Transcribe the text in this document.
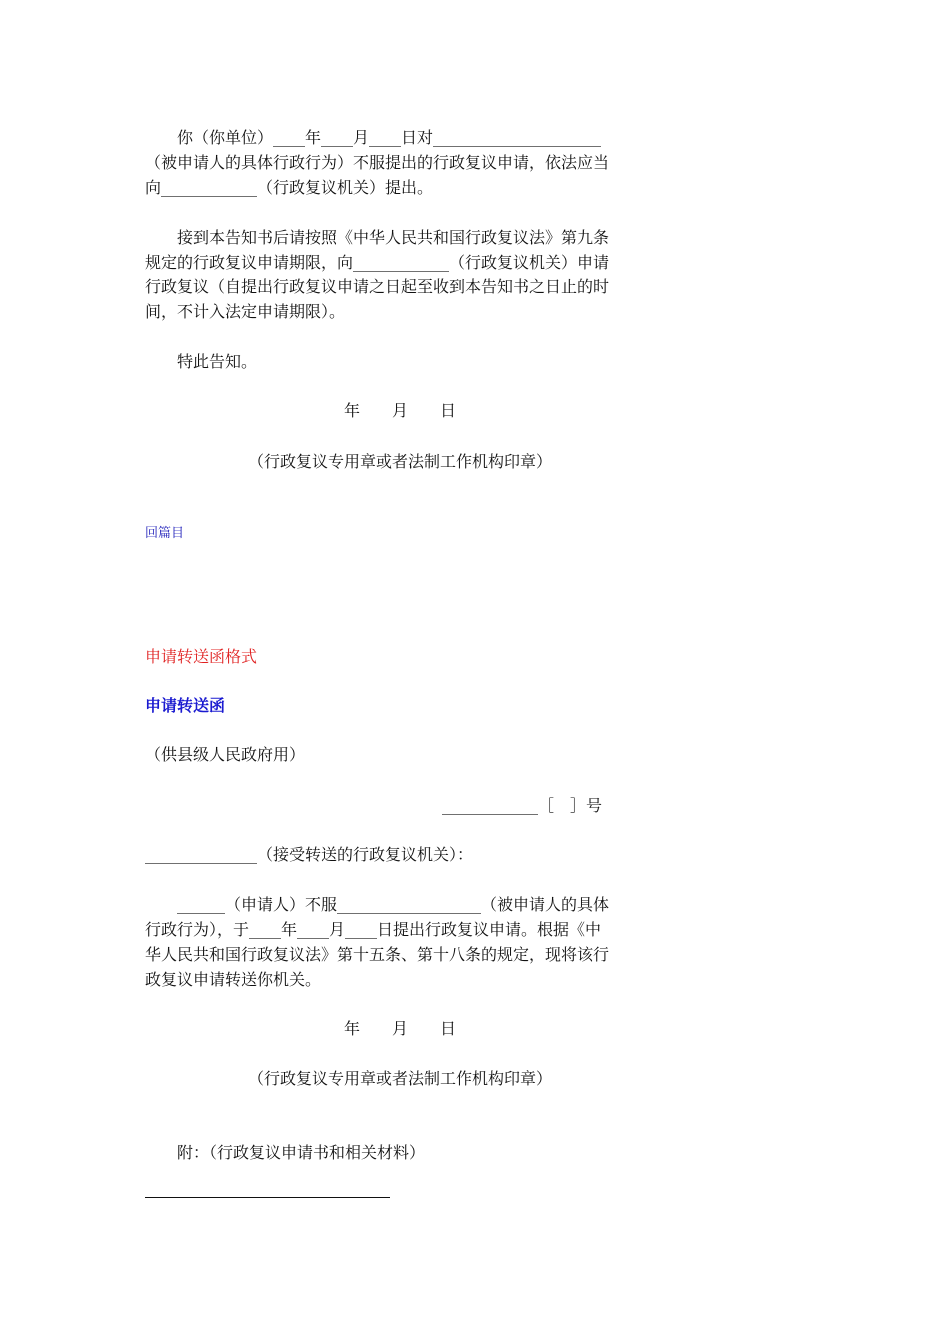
　　你（你单位）____年____月____日对_____________________
（被申请人的具体行政行为）不服提出的行政复议申请，依法应当
向____________（行政复议机关）提出。
　　接到本告知书后请按照《中华人民共和国行政复议法》第九条
规定的行政复议申请期限，向____________（行政复议机关）申请
行政复议（自提出行政复议申请之日起至收到本告知书之日止的时
间，不计入法定申请期限）。
　　特此告知。
年　　月　　日
（行政复议专用章或者法制工作机构印章）
回篇目
申请转送函格式
申请转送函
（供县级人民政府用）
____________［　］号
______________（接受转送的行政复议机关）：
　　______（申请人）不服__________________（被申请人的具体
行政行为），于____年____月____日提出行政复议申请。根据《中
华人民共和国行政复议法》第十五条、第十八条的规定，现将该行
政复议申请转送你机关。
年　　月　　日
（行政复议专用章或者法制工作机构印章）
　　附：（行政复议申请书和相关材料）
